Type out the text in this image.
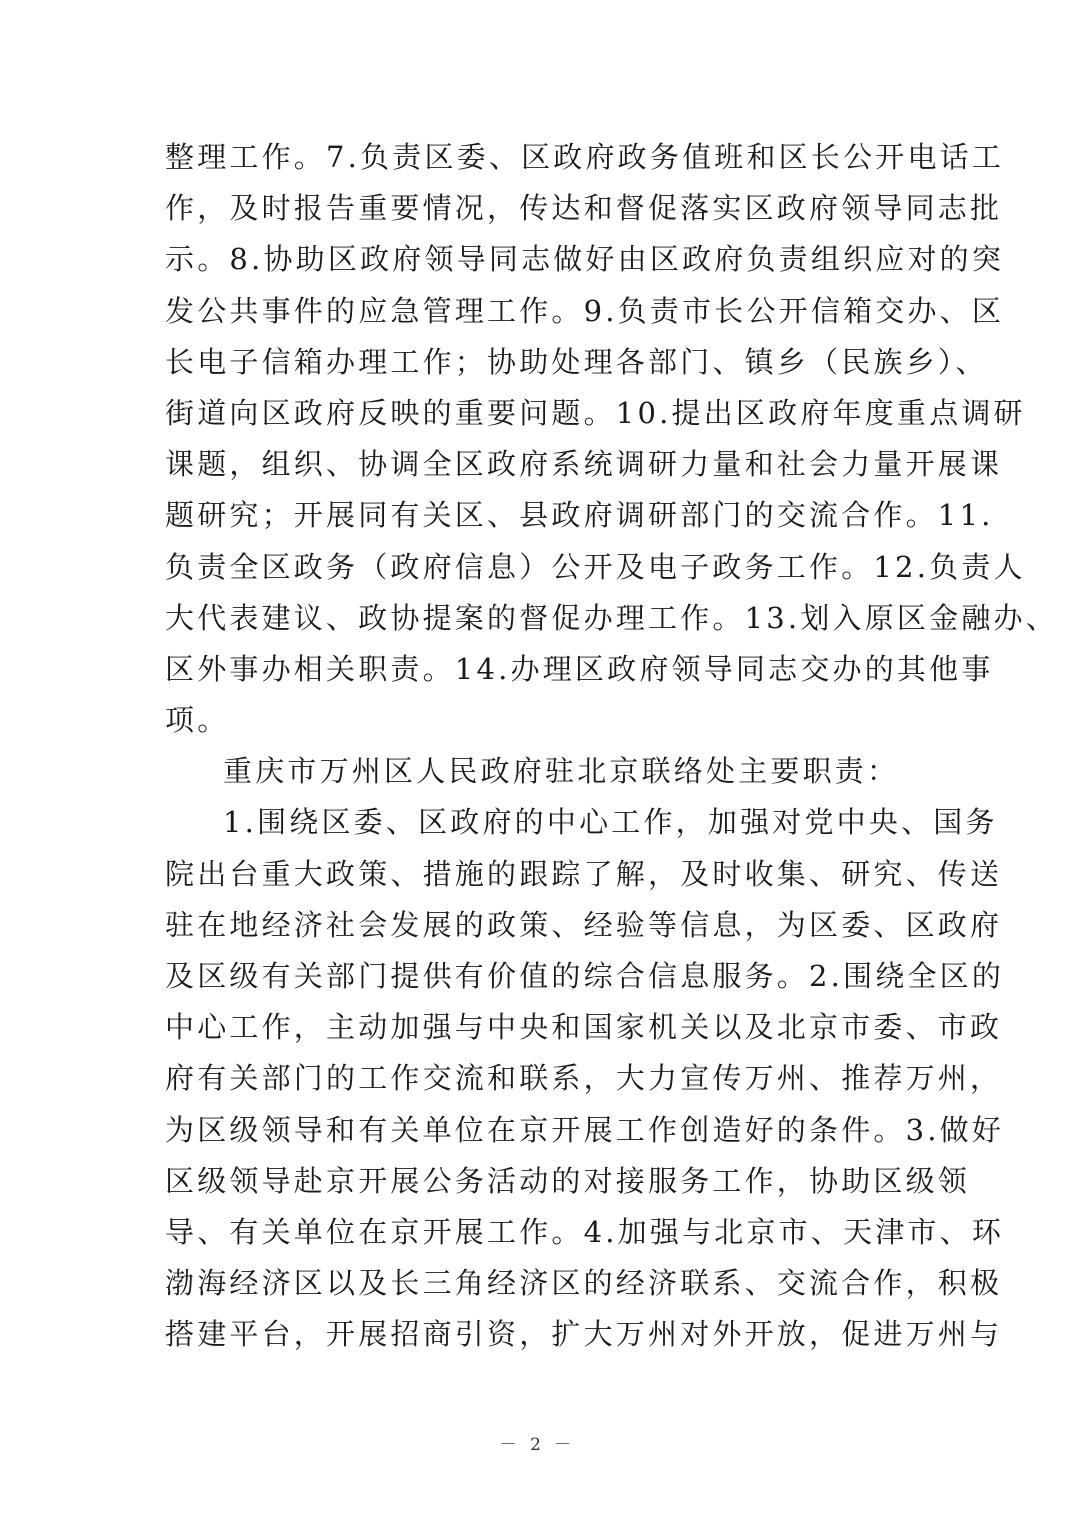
整理工作。7.负责区委、区政府政务值班和区长公开电话工
作，及时报告重要情况，传达和督促落实区政府领导同志批
示。8.协助区政府领导同志做好由区政府负责组织应对的突
发公共事件的应急管理工作。9.负责市长公开信箱交办、区
长电子信箱办理工作；协助处理各部门、镇乡（民族乡）、
街道向区政府反映的重要问题。10.提出区政府年度重点调研
课题，组织、协调全区政府系统调研力量和社会力量开展课
题研究；开展同有关区、县政府调研部门的交流合作。11.
负责全区政务（政府信息）公开及电子政务工作。12.负责人
大代表建议、政协提案的督促办理工作。13.划入原区金融办、
区外事办相关职责。14.办理区政府领导同志交办的其他事
项。
重庆市万州区人民政府驻北京联络处主要职责：
1.围绕区委、区政府的中心工作，加强对党中央、国务
院出台重大政策、措施的跟踪了解，及时收集、研究、传送
驻在地经济社会发展的政策、经验等信息，为区委、区政府
及区级有关部门提供有价值的综合信息服务。2.围绕全区的
中心工作，主动加强与中央和国家机关以及北京市委、市政
府有关部门的工作交流和联系，大力宣传万州、推荐万州，
为区级领导和有关单位在京开展工作创造好的条件。3.做好
区级领导赴京开展公务活动的对接服务工作，协助区级领
导、有关单位在京开展工作。4.加强与北京市、天津市、环
渤海经济区以及长三角经济区的经济联系、交流合作，积极
搭建平台，开展招商引资，扩大万州对外开放，促进万州与
－ 2 －
